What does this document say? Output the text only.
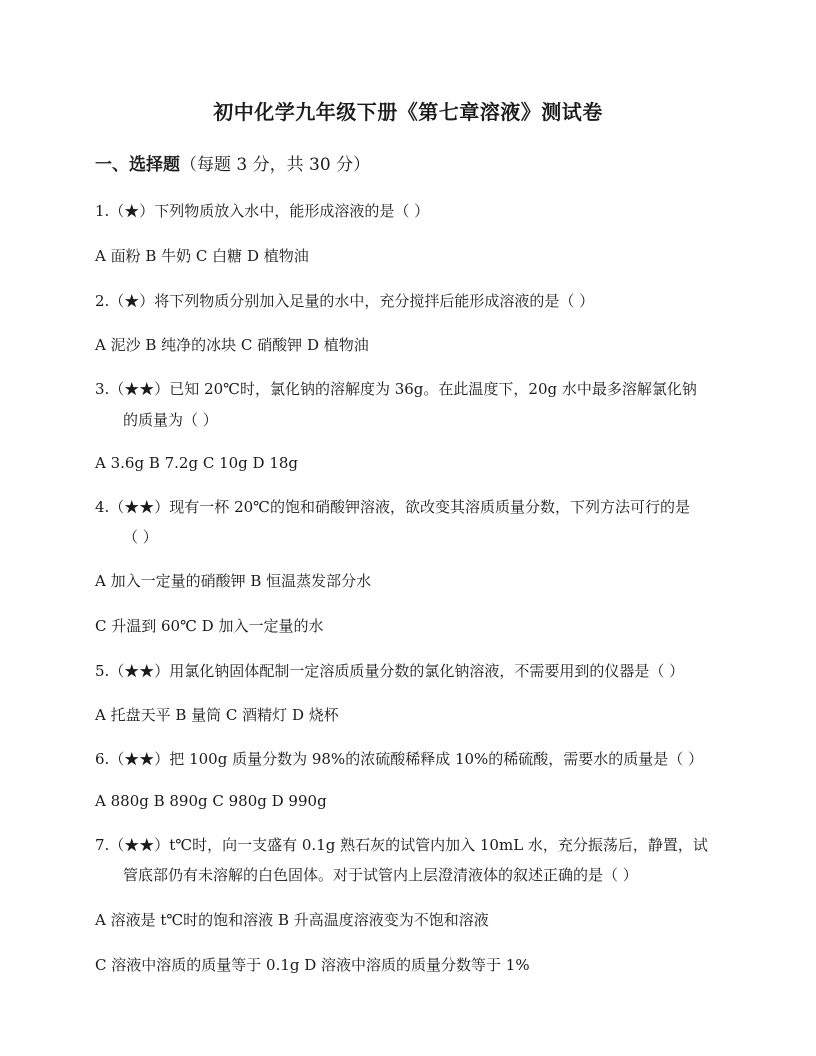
初中化学九年级下册《第七章溶液》测试卷
一、选择题（每题 3 分，共 30 分）
1.（★）下列物质放入水中，能形成溶液的是（ ）
A 面粉 B 牛奶 C 白糖 D 植物油
2.（★）将下列物质分别加入足量的水中，充分搅拌后能形成溶液的是（ ）
A 泥沙 B 纯净的冰块 C 硝酸钾 D 植物油
3.（★★）已知 20℃时，氯化钠的溶解度为 36g。在此温度下，20g 水中最多溶解氯化钠
的质量为（ ）
A 3.6g B 7.2g C 10g D 18g
4.（★★）现有一杯 20℃的饱和硝酸钾溶液，欲改变其溶质质量分数，下列方法可行的是
（ ）
A 加入一定量的硝酸钾 B 恒温蒸发部分水
C 升温到 60℃ D 加入一定量的水
5.（★★）用氯化钠固体配制一定溶质质量分数的氯化钠溶液，不需要用到的仪器是（ ）
A 托盘天平 B 量筒 C 酒精灯 D 烧杯
6.（★★）把 100g 质量分数为 98%的浓硫酸稀释成 10%的稀硫酸，需要水的质量是（ ）
A 880g B 890g C 980g D 990g
7.（★★）t℃时，向一支盛有 0.1g 熟石灰的试管内加入 10mL 水，充分振荡后，静置，试
管底部仍有未溶解的白色固体。对于试管内上层澄清液体的叙述正确的是（ ）
A 溶液是 t℃时的饱和溶液 B 升高温度溶液变为不饱和溶液
C 溶液中溶质的质量等于 0.1g D 溶液中溶质的质量分数等于 1%
